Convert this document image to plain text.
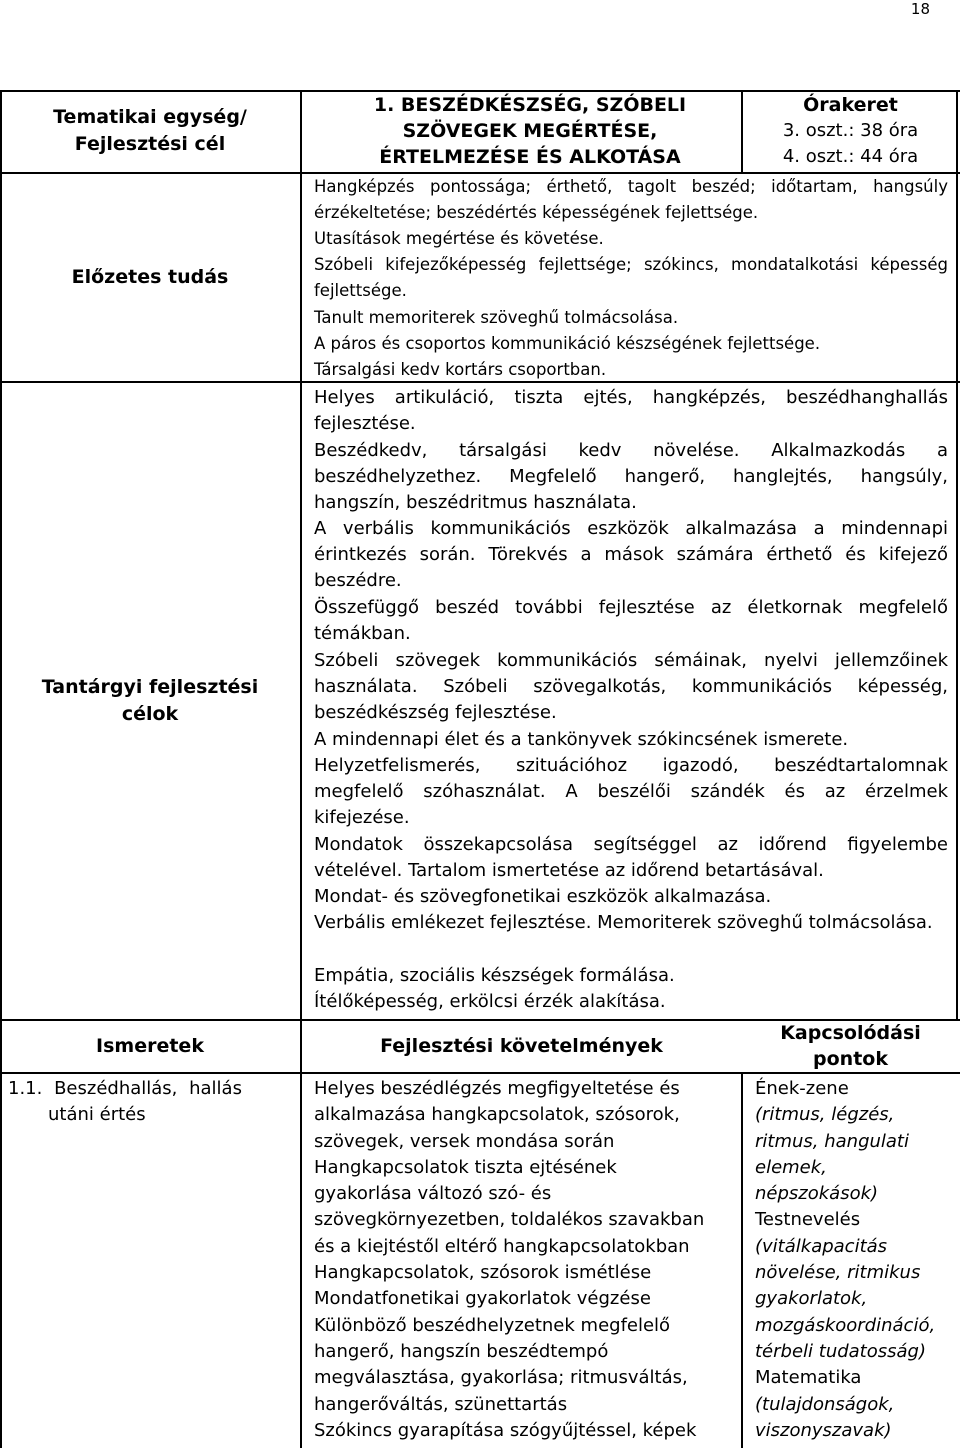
18
Tematikai egység/
Fejlesztési cél
1. BESZÉDKÉSZSÉG, SZÓBELI
SZÖVEGEK MEGÉRTÉSE,
ÉRTELMEZÉSE ÉS ALKOTÁSA
Órakeret
3. oszt.: 38 óra
4. oszt.: 44 óra
Előzetes tudás
Hangképzés pontossága; érthető, tagolt beszéd; időtartam, hangsúly érzékeltetése; beszédértés képességének fejlettsége.
Utasítások megértése és követése.
Szóbeli kifejezőképesség fejlettsége; szókincs, mondatalkotási képesség fejlettsége.
Tanult memoriterek szöveghű tolmácsolása.
A páros és csoportos kommunikáció készségének fejlettsége.
Társalgási kedv kortárs csoportban.
Tantárgyi fejlesztési
célok
Helyes artikuláció, tiszta ejtés, hangképzés, beszédhanghallás fejlesztése.
Beszédkedv, társalgási kedv növelése. Alkalmazkodás a beszédhelyzethez. Megfelelő hangerő, hanglejtés, hangsúly, hangszín, beszédritmus használata.
A verbális kommunikációs eszközök alkalmazása a mindennapi érintkezés során. Törekvés a mások számára érthető és kifejező beszédre.
Összefüggő beszéd további fejlesztése az életkornak megfelelő témákban.
Szóbeli szövegek kommunikációs sémáinak, nyelvi jellemzőinek használata. Szóbeli szövegalkotás, kommunikációs képesség, beszédkészség fejlesztése.
A mindennapi élet és a tankönyvek szókincsének ismerete.
Helyzetfelismerés, szituációhoz igazodó, beszédtartalomnak megfelelő szóhasználat. A beszélői szándék és az érzelmek kifejezése.
Mondatok összekapcsolása segítséggel az időrend figyelembe vételével. Tartalom ismertetése az időrend betartásával.
Mondat- és szövegfonetikai eszközök alkalmazása.
Verbális emlékezet fejlesztése. Memoriterek szöveghű tolmácsolása.
Empátia, szociális készségek formálása.
Ítélőképesség, erkölcsi érzék alakítása.
Ismeretek	Fejlesztési követelmények
Kapcsolódási
pontok
1.1. Beszédhallás, hallás
utáni értés
Helyes beszédlégzés megfigyeltetése és
alkalmazása hangkapcsolatok, szósorok,
szövegek, versek mondása során
Hangkapcsolatok tiszta ejtésének
gyakorlása változó szó- és
szövegkörnyezetben, toldalékos szavakban
és a kiejtéstől eltérő hangkapcsolatokban
Hangkapcsolatok, szósorok ismétlése
Mondatfonetikai gyakorlatok végzése
Különböző beszédhelyzetnek megfelelő
hangerő, hangszín beszédtempó
megválasztása, gyakorlása; ritmusváltás,
hangerőváltás, szünettartás
Szókincs gyarapítása szógyűjtéssel, képek
Ének-zene
(ritmus, légzés,
ritmus, hangulati
elemek,
népszokások)
Testnevelés
(vitálkapacitás
növelése, ritmikus
gyakorlatok,
mozgáskoordináció,
térbeli tudatosság)
Matematika
(tulajdonságok,
viszonyszavak)
